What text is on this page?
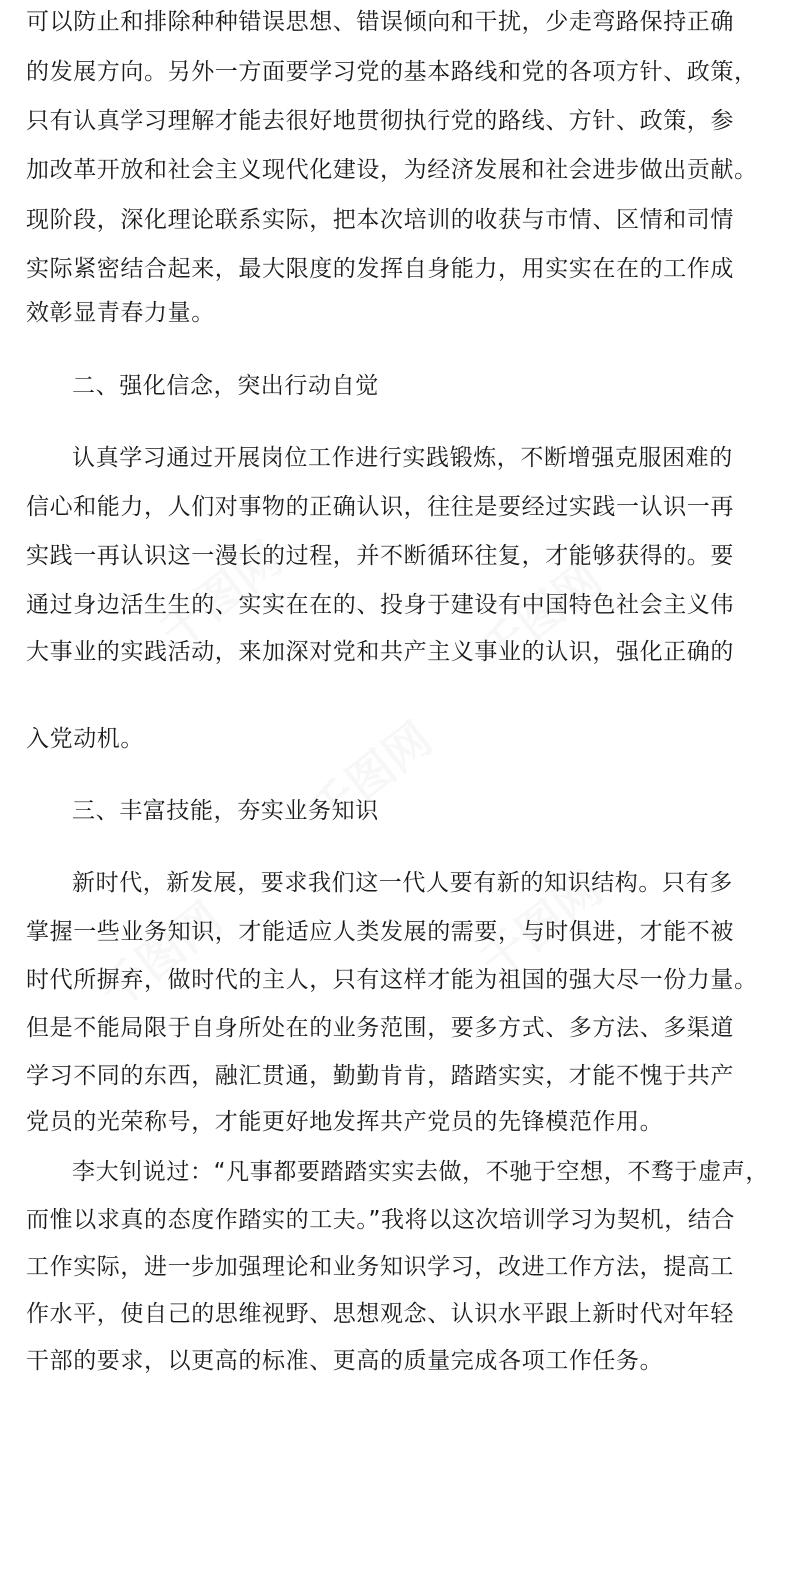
千图网	千图网
千图网
千图网	千图网
可以防止和排除种种错误思想、错误倾向和干扰，少走弯路保持正确
的发展方向。另外一方面要学习党的基本路线和党的各项方针、政策，
只有认真学习理解才能去很好地贯彻执行党的路线、方针、政策，参
加改革开放和社会主义现代化建设，为经济发展和社会进步做出贡献。
现阶段，深化理论联系实际，把本次培训的收获与市情、区情和司情
实际紧密结合起来，最大限度的发挥自身能力，用实实在在的工作成
效彰显青春力量。
二、强化信念，突出行动自觉
认真学习通过开展岗位工作进行实践锻炼，不断增强克服困难的
信心和能力，人们对事物的正确认识，往往是要经过实践一认识一再
实践一再认识这一漫长的过程，并不断循环往复，才能够获得的。要
通过身边活生生的、实实在在的、投身于建设有中国特色社会主义伟
大事业的实践活动，来加深对党和共产主义事业的认识，强化正确的
入党动机。
三、丰富技能，夯实业务知识
新时代，新发展，要求我们这一代人要有新的知识结构。只有多
掌握一些业务知识，才能适应人类发展的需要，与时俱进，才能不被
时代所摒弃，做时代的主人，只有这样才能为祖国的强大尽一份力量。
但是不能局限于自身所处在的业务范围，要多方式、多方法、多渠道
学习不同的东西，融汇贯通，勤勤肯肯，踏踏实实，才能不愧于共产
党员的光荣称号，才能更好地发挥共产党员的先锋模范作用。
李大钊说过：“凡事都要踏踏实实去做，不驰于空想，不骛于虚声，
而惟以求真的态度作踏实的工夫。”我将以这次培训学习为契机，结合
工作实际，进一步加强理论和业务知识学习，改进工作方法，提高工
作水平，使自己的思维视野、思想观念、认识水平跟上新时代对年轻
干部的要求，以更高的标准、更高的质量完成各项工作任务。
